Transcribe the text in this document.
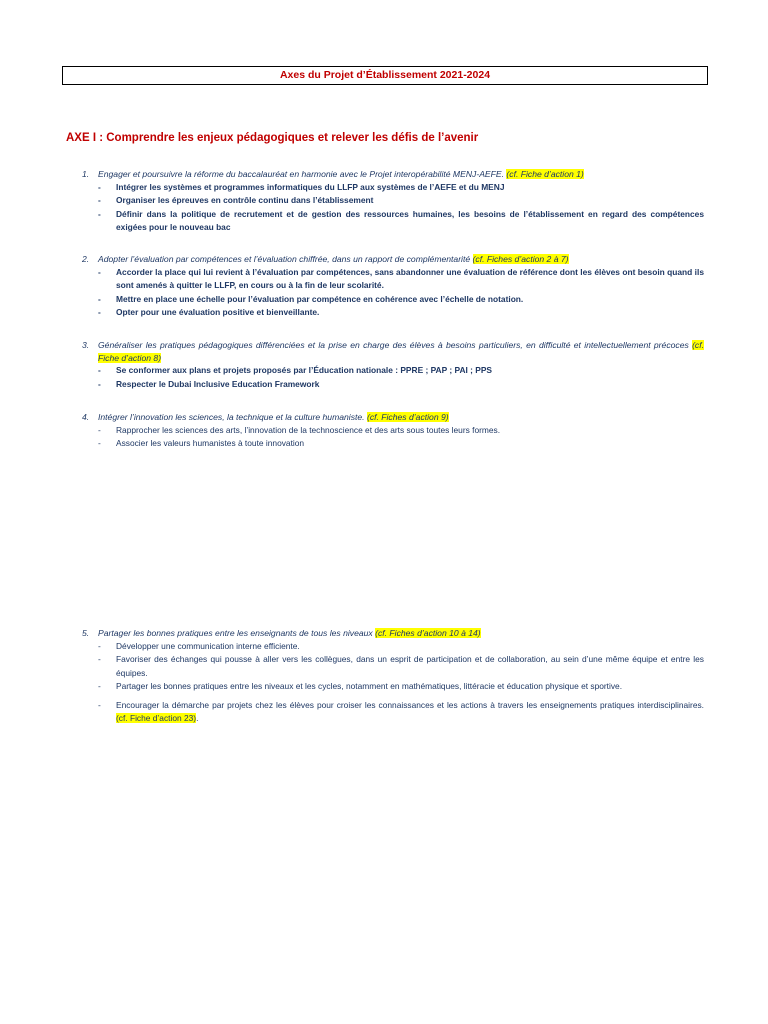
Axes du Projet d’Établissement 2021-2024
AXE I : Comprendre les enjeux pédagogiques et relever les défis de l’avenir
1. Engager et poursuivre la réforme du baccalauréat en harmonie avec le Projet interopérabilité MENJ-AEFE. (cf. Fiche d’action 1)
- Intégrer les systèmes et programmes informatiques du LLFP aux systèmes de l’AEFE et du MENJ
- Organiser les épreuves en contrôle continu dans l’établissement
- Définir dans la politique de recrutement et de gestion des ressources humaines, les besoins de l’établissement en regard des compétences exigées pour le nouveau bac
2. Adopter l’évaluation par compétences et l’évaluation chiffrée, dans un rapport de complémentarité (cf. Fiches d’action 2 à 7)
- Accorder la place qui lui revient à l’évaluation par compétences, sans abandonner une évaluation de référence dont les élèves ont besoin quand ils sont amenés à quitter le LLFP, en cours ou à la fin de leur scolarité.
- Mettre en place une échelle pour l’évaluation par compétence en cohérence avec l’échelle de notation.
- Opter pour une évaluation positive et bienveillante.
3. Généraliser les pratiques pédagogiques différenciées et la prise en charge des élèves à besoins particuliers, en difficulté et intellectuellement précoces (cf. Fiche d’action 8)
- Se conformer aux plans et projets proposés par l’Éducation nationale : PPRE ; PAP ; PAI ; PPS
- Respecter le Dubai Inclusive Education Framework
4. Intégrer l’innovation les sciences, la technique et la culture humaniste. (cf. Fiches d’action 9)
- Rapprocher les sciences des arts, l’innovation de la technoscience et des arts sous toutes leurs formes.
- Associer les valeurs humanistes à toute innovation
5. Partager les bonnes pratiques entre les enseignants de tous les niveaux (cf. Fiches d’action 10 à 14)
- Développer une communication interne efficiente.
- Favoriser des échanges qui pousse à aller vers les collègues, dans un esprit de participation et de collaboration, au sein d’une même équipe et entre les équipes.
- Partager les bonnes pratiques entre les niveaux et les cycles, notamment en mathématiques, littéracie et éducation physique et sportive.
- Encourager la démarche par projets chez les élèves pour croiser les connaissances et les actions à travers les enseignements pratiques interdisciplinaires. (cf. Fiche d’action 23).
